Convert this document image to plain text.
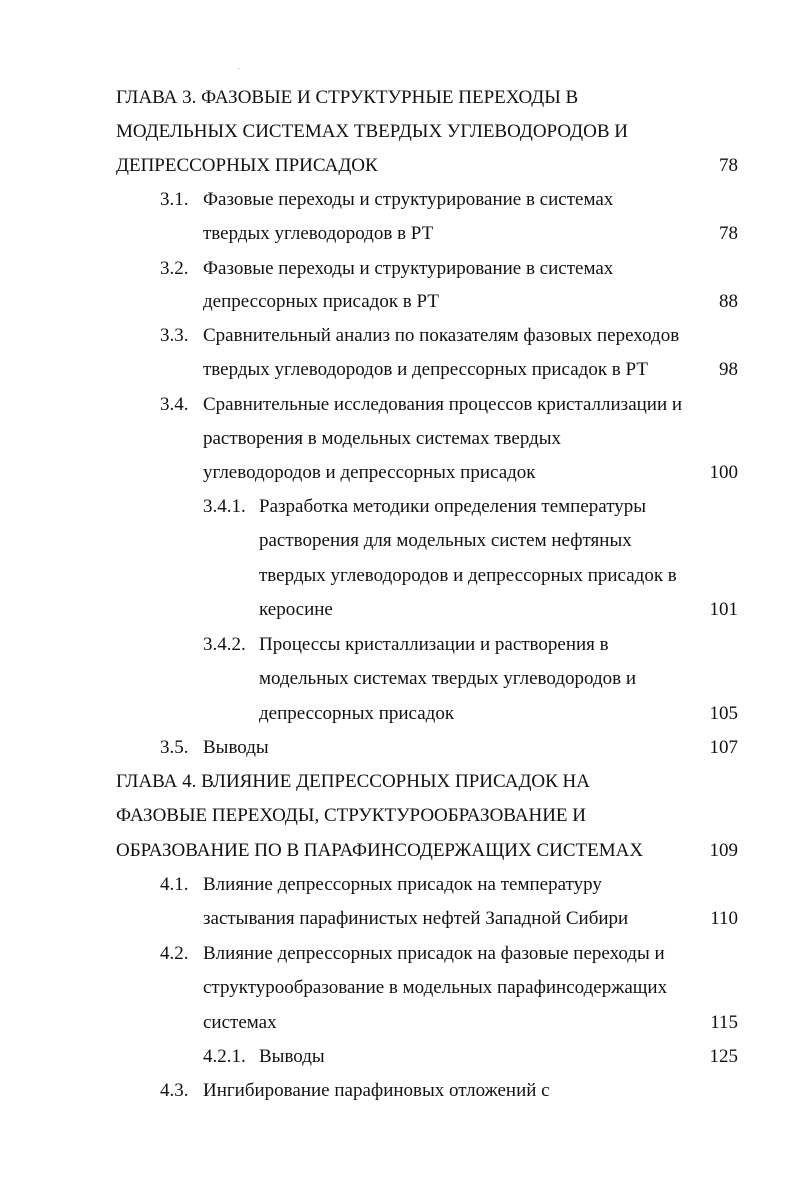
ГЛАВА 3. ФАЗОВЫЕ И СТРУКТУРНЫЕ ПЕРЕХОДЫ В
МОДЕЛЬНЫХ СИСТЕМАХ ТВЕРДЫХ УГЛЕВОДОРОДОВ И
ДЕПРЕССОРНЫХ ПРИСАДОК	78
3.1. Фазовые переходы и структурирование в системах
твердых углеводородов в РТ	78
3.2. Фазовые переходы и структурирование в системах
депрессорных присадок в РТ	88
3.3. Сравнительный анализ по показателям фазовых переходов
твердых углеводородов и депрессорных присадок в РТ	98
3.4. Сравнительные исследования процессов кристаллизации и
растворения в модельных системах твердых
углеводородов и депрессорных присадок	100
3.4.1. Разработка методики определения температуры
растворения для модельных систем нефтяных
твердых углеводородов и депрессорных присадок в
керосине	101
3.4.2. Процессы кристаллизации и растворения в
модельных системах твердых углеводородов и
депрессорных присадок	105
3.5. Выводы	107
ГЛАВА 4. ВЛИЯНИЕ ДЕПРЕССОРНЫХ ПРИСАДОК НА
ФАЗОВЫЕ ПЕРЕХОДЫ, СТРУКТУРООБРАЗОВАНИЕ И
ОБРАЗОВАНИЕ ПО В ПАРАФИНСОДЕРЖАЩИХ СИСТЕМАХ	109
4.1. Влияние депрессорных присадок на температуру
застывания парафинистых нефтей Западной Сибири	110
4.2. Влияние депрессорных присадок на фазовые переходы и
структурообразование в модельных парафинсодержащих
системах	115
4.2.1. Выводы	125
4.3. Ингибирование парафиновых отложений с
